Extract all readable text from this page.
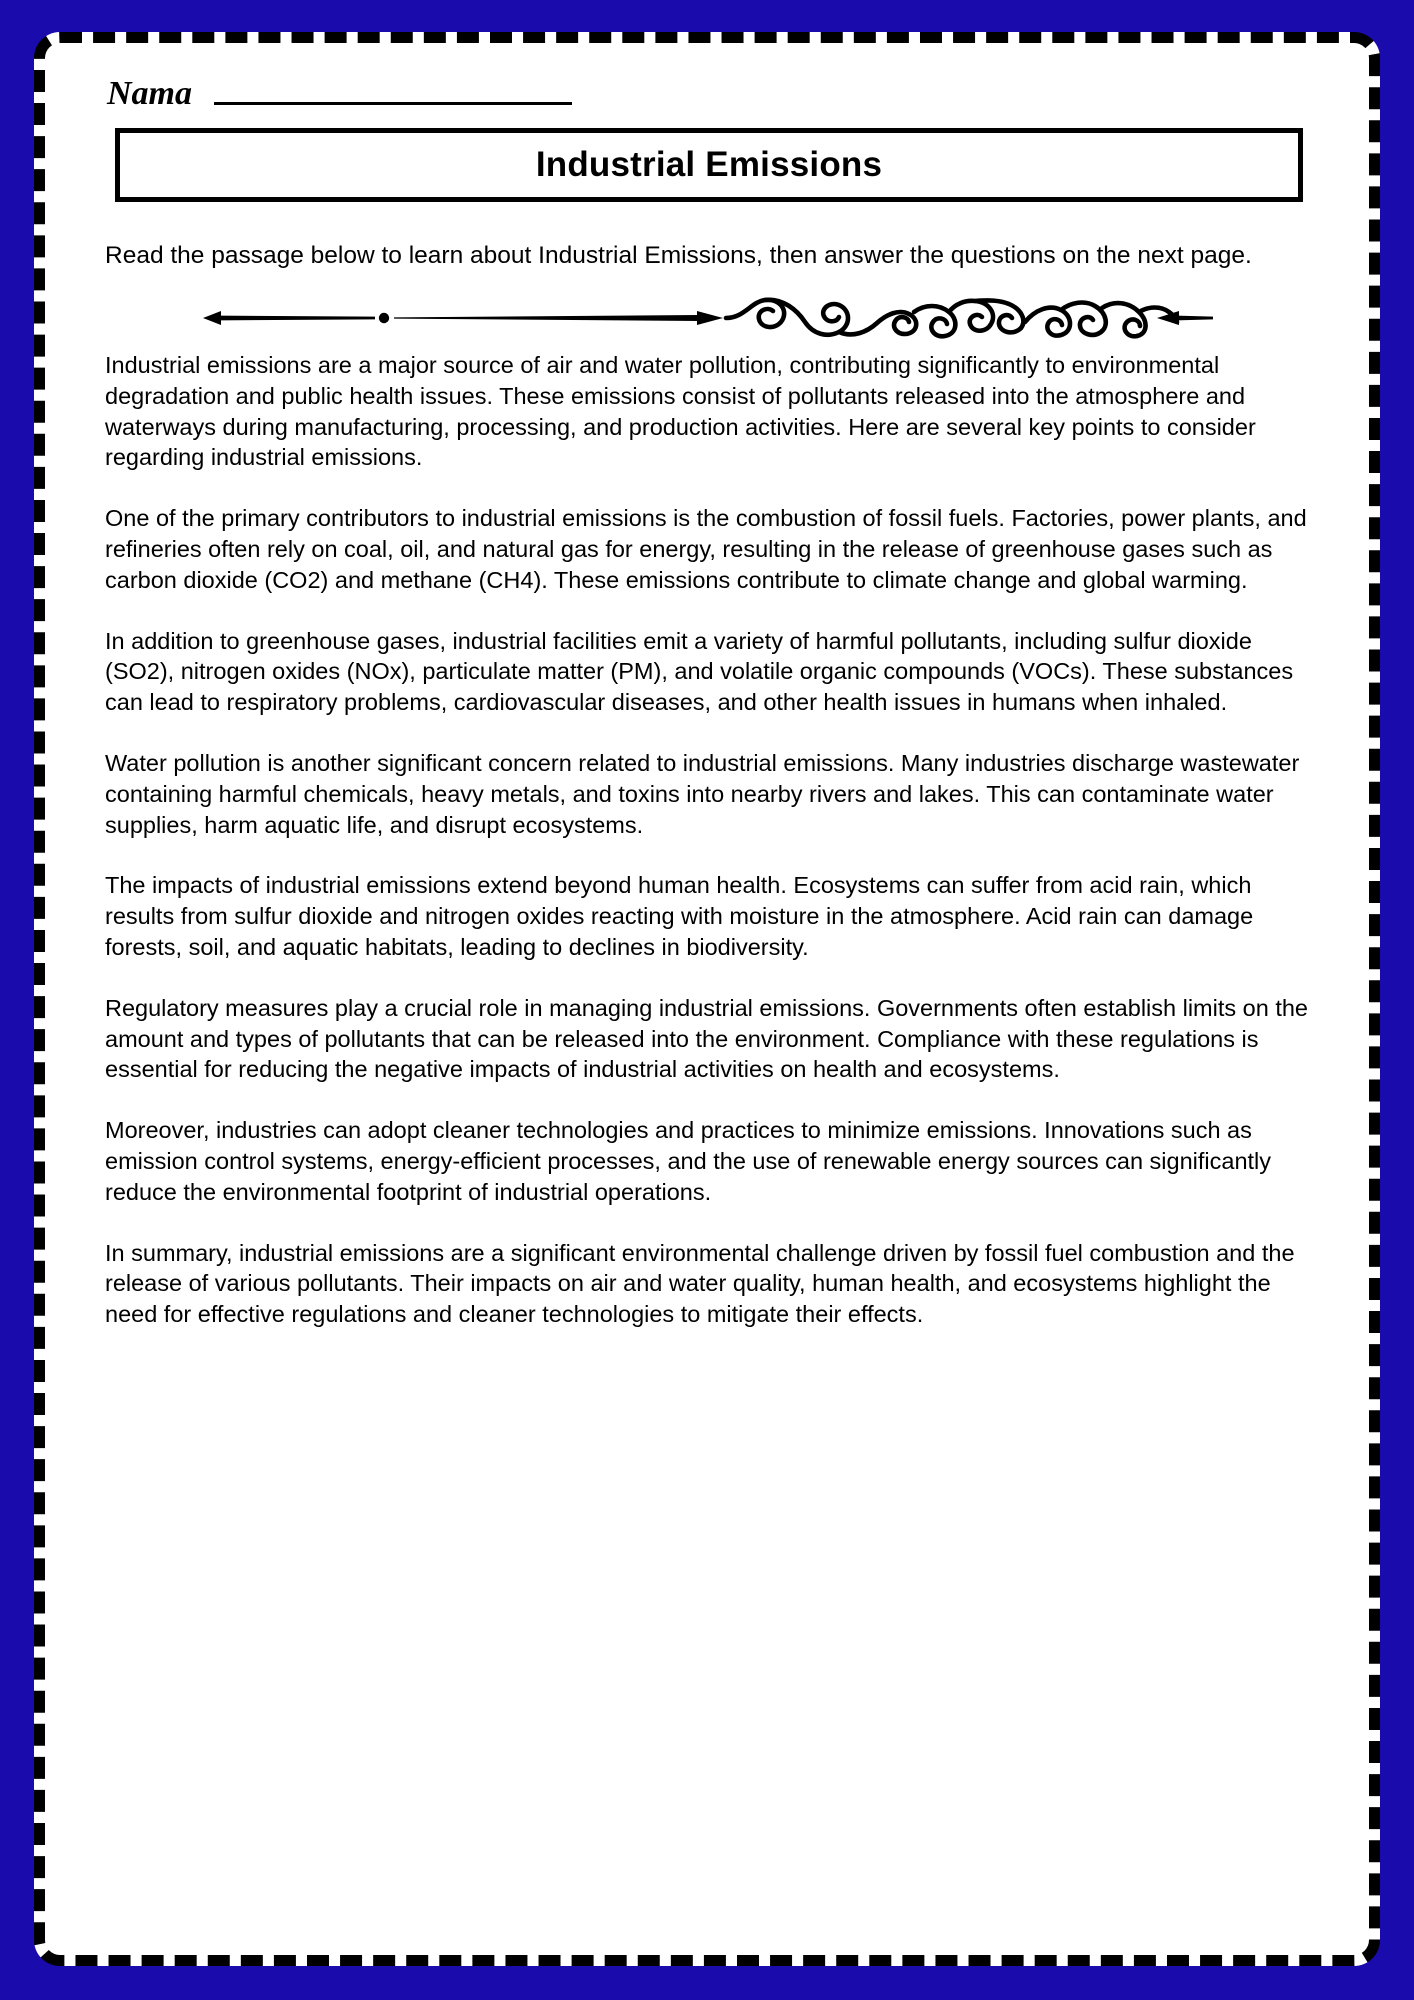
Nama
Industrial Emissions
Read the passage below to learn about Industrial Emissions, then answer the questions on the next page.

Industrial emissions are a major source of air and water pollution, contributing significantly to environmental degradation and public health issues. These emissions consist of pollutants released into the atmosphere and waterways during manufacturing, processing, and production activities. Here are several key points to consider regarding industrial emissions.

One of the primary contributors to industrial emissions is the combustion of fossil fuels. Factories, power plants, and refineries often rely on coal, oil, and natural gas for energy, resulting in the release of greenhouse gases such as carbon dioxide (CO2) and methane (CH4). These emissions contribute to climate change and global warming.

In addition to greenhouse gases, industrial facilities emit a variety of harmful pollutants, including sulfur dioxide (SO2), nitrogen oxides (NOx), particulate matter (PM), and volatile organic compounds (VOCs). These substances can lead to respiratory problems, cardiovascular diseases, and other health issues in humans when inhaled.

Water pollution is another significant concern related to industrial emissions. Many industries discharge wastewater containing harmful chemicals, heavy metals, and toxins into nearby rivers and lakes. This can contaminate water supplies, harm aquatic life, and disrupt ecosystems.

The impacts of industrial emissions extend beyond human health. Ecosystems can suffer from acid rain, which results from sulfur dioxide and nitrogen oxides reacting with moisture in the atmosphere. Acid rain can damage forests, soil, and aquatic habitats, leading to declines in biodiversity.

Regulatory measures play a crucial role in managing industrial emissions. Governments often establish limits on the amount and types of pollutants that can be released into the environment. Compliance with these regulations is essential for reducing the negative impacts of industrial activities on health and ecosystems.

Moreover, industries can adopt cleaner technologies and practices to minimize emissions. Innovations such as emission control systems, energy-efficient processes, and the use of renewable energy sources can significantly reduce the environmental footprint of industrial operations.

In summary, industrial emissions are a significant environmental challenge driven by fossil fuel combustion and the release of various pollutants. Their impacts on air and water quality, human health, and ecosystems highlight the need for effective regulations and cleaner technologies to mitigate their effects.
